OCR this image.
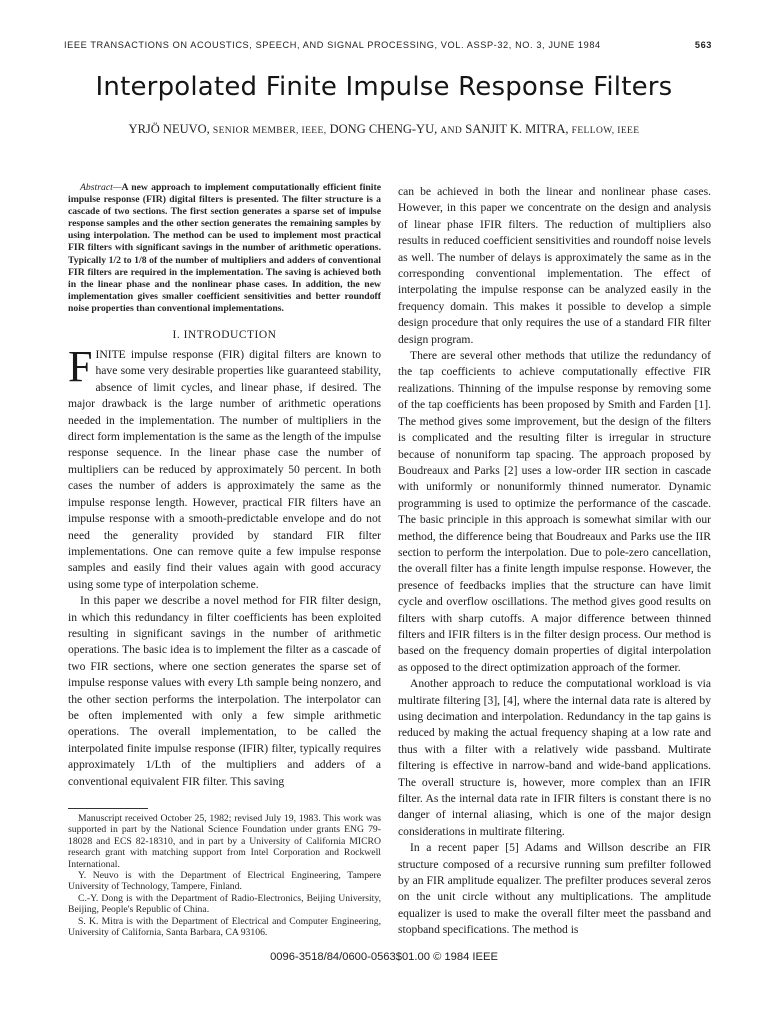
IEEE TRANSACTIONS ON ACOUSTICS, SPEECH, AND SIGNAL PROCESSING, VOL. ASSP-32, NO. 3, JUNE 1984	563
Interpolated Finite Impulse Response Filters
YRJÖ NEUVO, SENIOR MEMBER, IEEE, DONG CHENG-YU, AND SANJIT K. MITRA, FELLOW, IEEE

Abstract—A new approach to implement computationally efficient finite impulse response (FIR) digital filters is presented. The filter structure is a cascade of two sections. The first section generates a sparse set of impulse response samples and the other section generates the remaining samples by using interpolation. The method can be used to implement most practical FIR filters with significant savings in the number of arithmetic operations. Typically 1/2 to 1/8 of the number of multipliers and adders of conventional FIR filters are required in the implementation. The saving is achieved both in the linear phase and the nonlinear phase cases. In addition, the new implementation gives smaller coefficient sensitivities and better roundoff noise properties than conventional implementations.

I. INTRODUCTION

FINITE impulse response (FIR) digital filters are known to have some very desirable properties like guaranteed stability, absence of limit cycles, and linear phase, if desired. The major drawback is the large number of arithmetic operations needed in the implementation. The number of multipliers in the direct form implementation is the same as the length of the impulse response sequence. In the linear phase case the number of multipliers can be reduced by approximately 50 percent. In both cases the number of adders is approximately the same as the impulse response length. However, practical FIR filters have an impulse response with a smooth-predictable envelope and do not need the generality provided by standard FIR filter implementations. One can remove quite a few impulse response samples and easily find their values again with good accuracy using some type of interpolation scheme.

In this paper we describe a novel method for FIR filter design, in which this redundancy in filter coefficients has been exploited resulting in significant savings in the number of arithmetic operations. The basic idea is to implement the filter as a cascade of two FIR sections, where one section generates the sparse set of impulse response values with every Lth sample being nonzero, and the other section performs the interpolation. The interpolator can be often implemented with only a few simple arithmetic operations. The overall implementation, to be called the interpolated finite impulse response (IFIR) filter, typically requires approximately 1/Lth of the multipliers and adders of a conventional equivalent FIR filter. This saving

Manuscript received October 25, 1982; revised July 19, 1983. This work was supported in part by the National Science Foundation under grants ENG 79-18028 and ECS 82-18310, and in part by a University of California MICRO research grant with matching support from Intel Corporation and Rockwell International.

Y. Neuvo is with the Department of Electrical Engineering, Tampere University of Technology, Tampere, Finland.

C.-Y. Dong is with the Department of Radio-Electronics, Beijing University, Beijing, People's Republic of China.

S. K. Mitra is with the Department of Electrical and Computer Engineering, University of California, Santa Barbara, CA 93106.

can be achieved in both the linear and nonlinear phase cases. However, in this paper we concentrate on the design and analysis of linear phase IFIR filters. The reduction of multipliers also results in reduced coefficient sensitivities and roundoff noise levels as well. The number of delays is approximately the same as in the corresponding conventional implementation. The effect of interpolating the impulse response can be analyzed easily in the frequency domain. This makes it possible to develop a simple design procedure that only requires the use of a standard FIR filter design program.

There are several other methods that utilize the redundancy of the tap coefficients to achieve computationally effective FIR realizations. Thinning of the impulse response by removing some of the tap coefficients has been proposed by Smith and Farden [1]. The method gives some improvement, but the design of the filters is complicated and the resulting filter is irregular in structure because of nonuniform tap spacing. The approach proposed by Boudreaux and Parks [2] uses a low-order IIR section in cascade with uniformly or nonuniformly thinned numerator. Dynamic programming is used to optimize the performance of the cascade. The basic principle in this approach is somewhat similar with our method, the difference being that Boudreaux and Parks use the IIR section to perform the interpolation. Due to pole-zero cancellation, the overall filter has a finite length impulse response. However, the presence of feedbacks implies that the structure can have limit cycle and overflow oscillations. The method gives good results on filters with sharp cutoffs. A major difference between thinned filters and IFIR filters is in the filter design process. Our method is based on the frequency domain properties of digital interpolation as opposed to the direct optimization approach of the former.

Another approach to reduce the computational workload is via multirate filtering [3], [4], where the internal data rate is altered by using decimation and interpolation. Redundancy in the tap gains is reduced by making the actual frequency shaping at a low rate and thus with a filter with a relatively wide passband. Multirate filtering is effective in narrow-band and wide-band applications. The overall structure is, however, more complex than an IFIR filter. As the internal data rate in IFIR filters is constant there is no danger of internal aliasing, which is one of the major design considerations in multirate filtering.

In a recent paper [5] Adams and Willson describe an FIR structure composed of a recursive running sum prefilter followed by an FIR amplitude equalizer. The prefilter produces several zeros on the unit circle without any multiplications. The amplitude equalizer is used to make the overall filter meet the passband and stopband specifications. The method is

0096-3518/84/0600-0563$01.00 © 1984 IEEE
